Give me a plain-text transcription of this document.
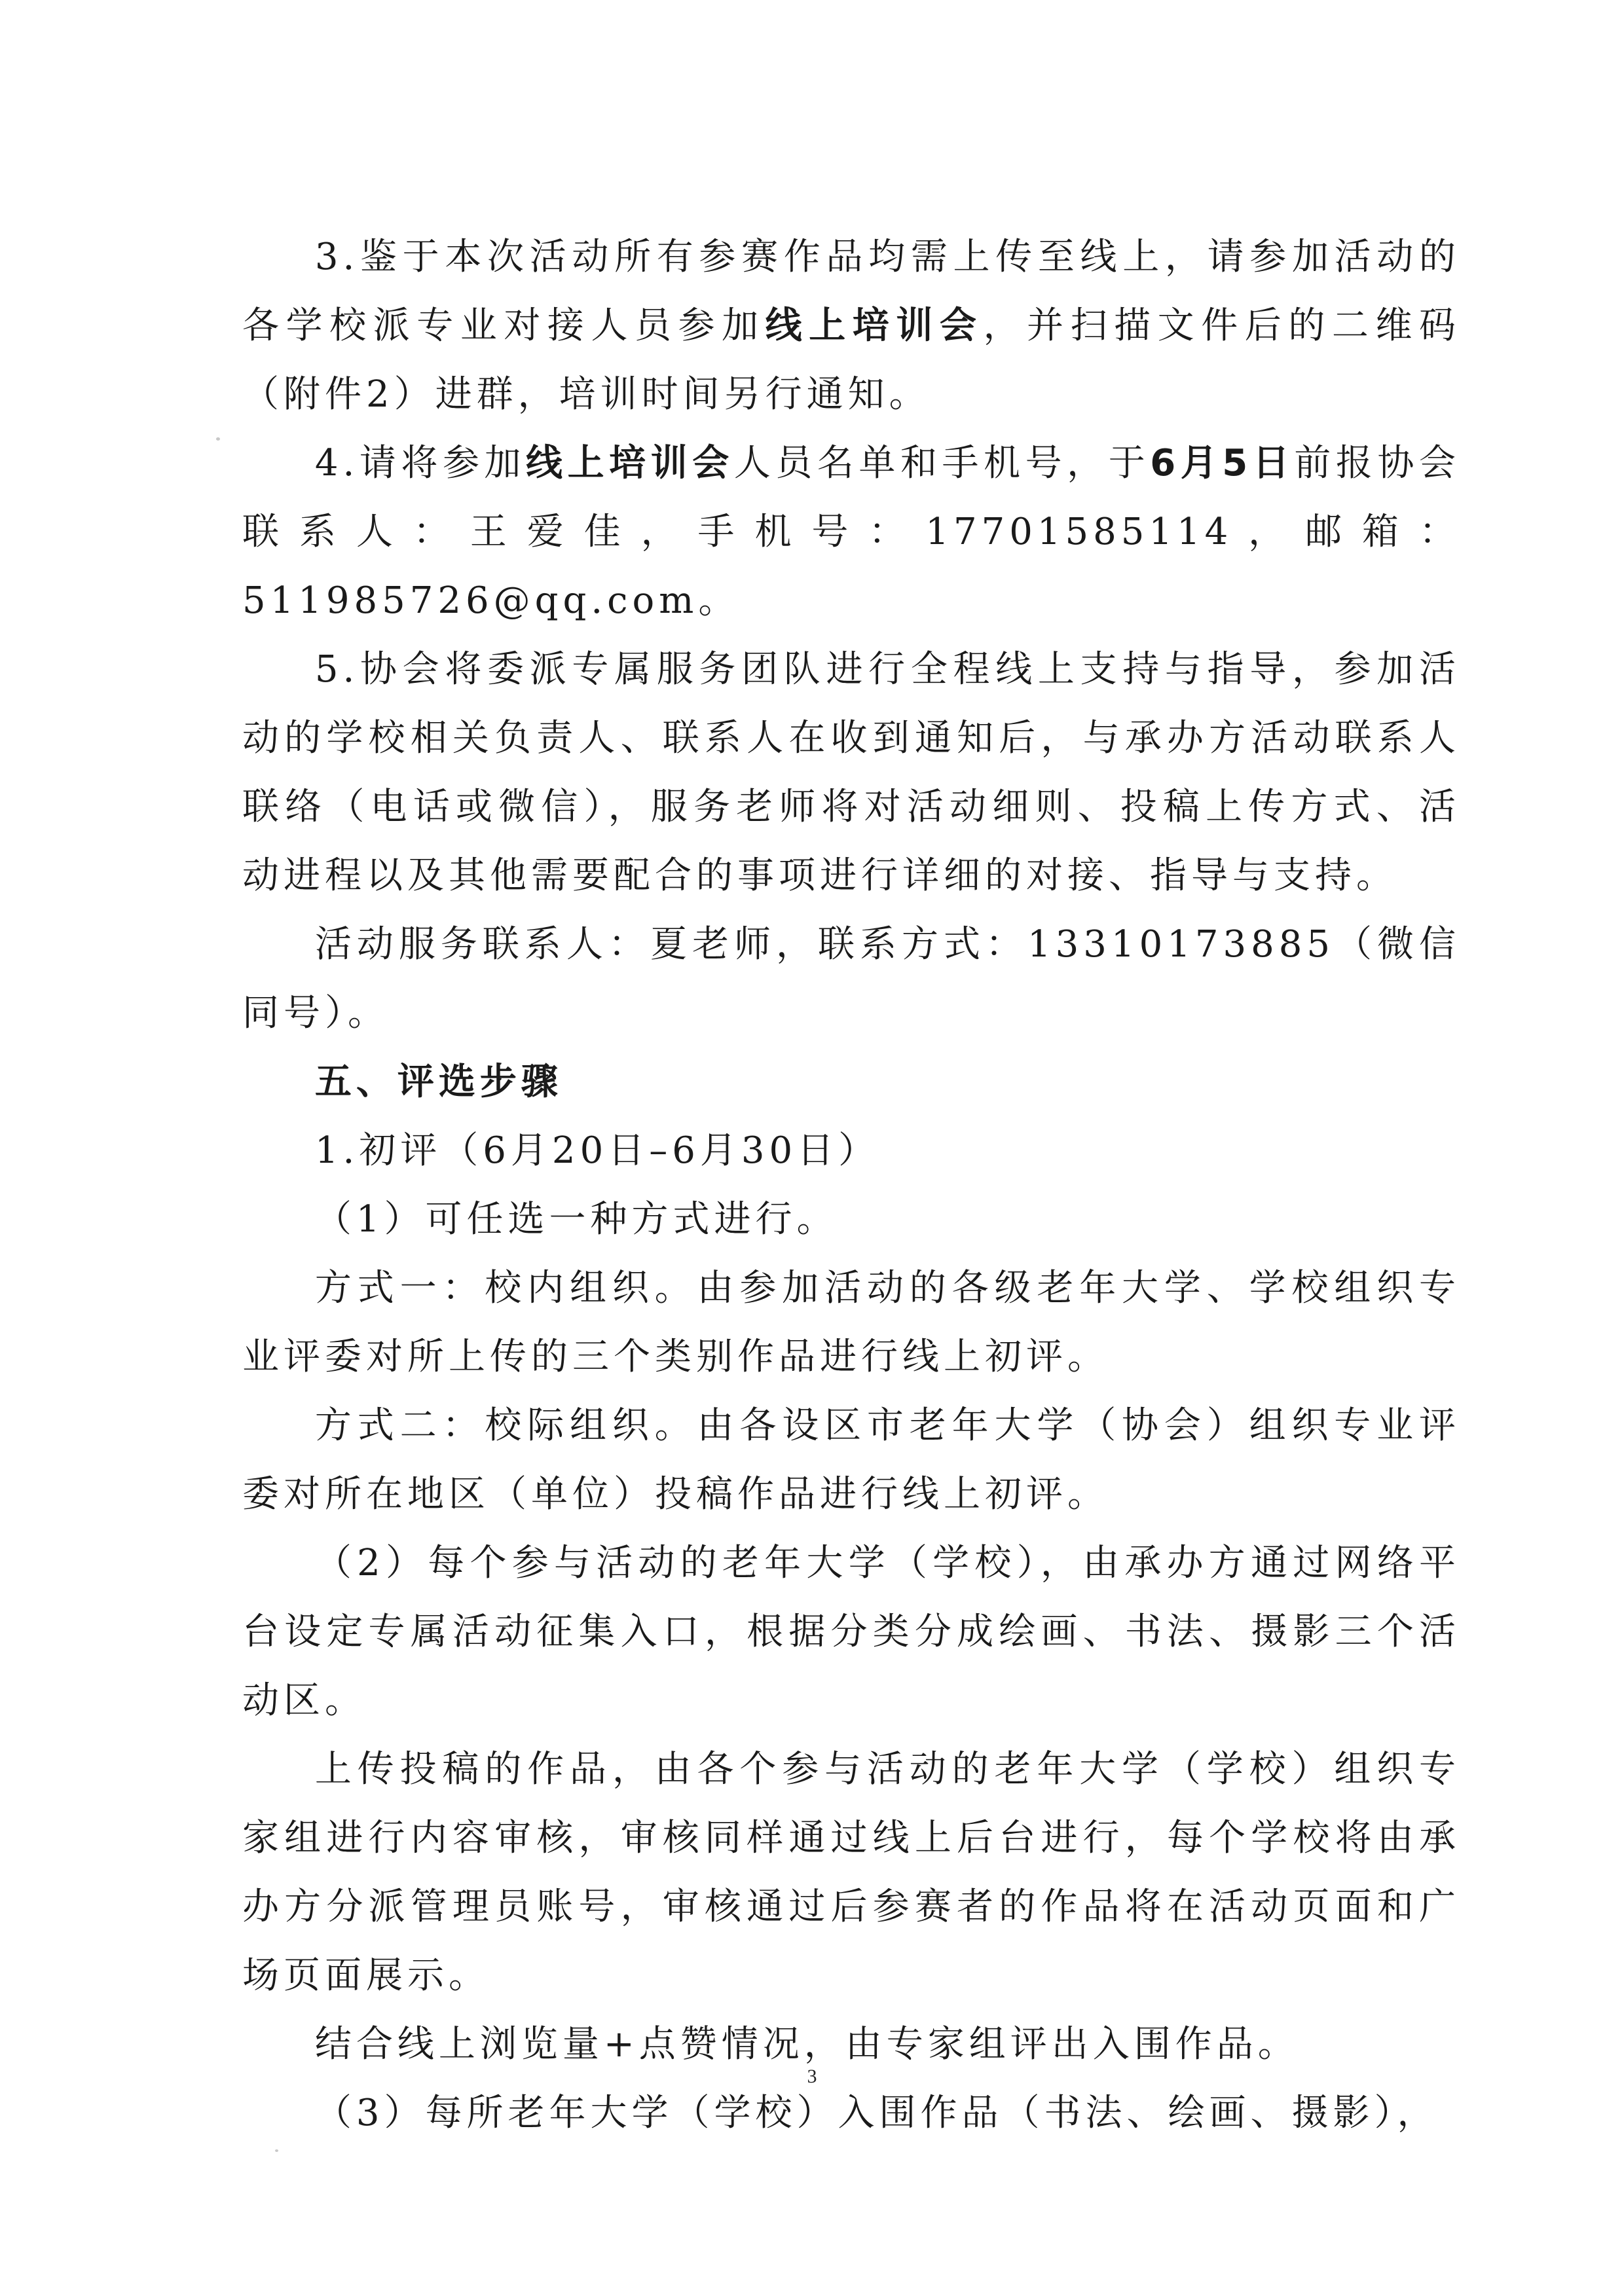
3.鉴于本次活动所有参赛作品均需上传至线上，请参加活动的各学校派专业对接人员参加线上培训会，并扫描文件后的二维码（附件2）进群，培训时间另行通知。

4.请将参加线上培训会人员名单和手机号，于6月5日前报协会联系人：王爱佳，手机号：17701585114，邮箱：511985726@qq.com。

5.协会将委派专属服务团队进行全程线上支持与指导，参加活动的学校相关负责人、联系人在收到通知后，与承办方活动联系人联络（电话或微信），服务老师将对活动细则、投稿上传方式、活动进程以及其他需要配合的事项进行详细的对接、指导与支持。

活动服务联系人：夏老师，联系方式：13310173885（微信同号）。

五、评选步骤

1.初评（6月20日–6月30日）

（1）可任选一种方式进行。

方式一：校内组织。由参加活动的各级老年大学、学校组织专业评委对所上传的三个类别作品进行线上初评。

方式二：校际组织。由各设区市老年大学（协会）组织专业评委对所在地区（单位）投稿作品进行线上初评。

（2）每个参与活动的老年大学（学校），由承办方通过网络平台设定专属活动征集入口，根据分类分成绘画、书法、摄影三个活动区。

上传投稿的作品，由各个参与活动的老年大学（学校）组织专家组进行内容审核，审核同样通过线上后台进行，每个学校将由承办方分派管理员账号，审核通过后参赛者的作品将在活动页面和广场页面展示。

结合线上浏览量+点赞情况，由专家组评出入围作品。

（3）每所老年大学（学校）入围作品（书法、绘画、摄影），

3
